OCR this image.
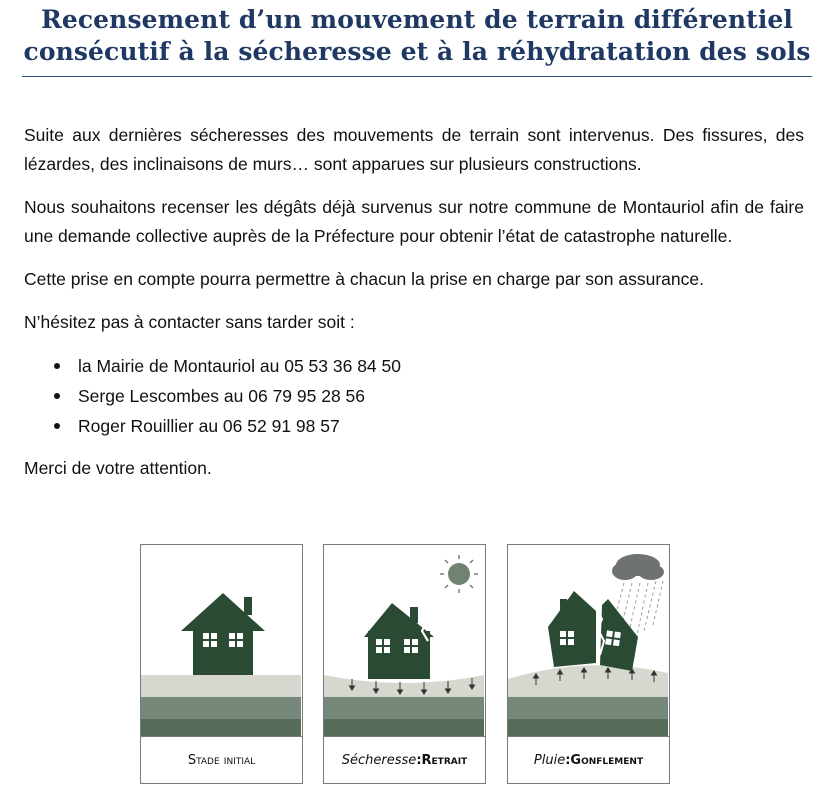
Recensement d’un mouvement de terrain différentiel
consécutif à la sécheresse et à la réhydratation des sols

Suite aux dernières sécheresses des mouvements de terrain sont intervenus. Des fissures, des lézardes, des inclinaisons de murs… sont apparues sur plusieurs constructions.

Nous souhaitons recenser les dégâts déjà survenus sur notre commune de Montauriol afin de faire une demande collective auprès de la Préfecture pour obtenir l’état de catastrophe naturelle.

Cette prise en compte pourra permettre à chacun la prise en charge par son assurance.

N’hésitez pas à contacter sans tarder soit :

la Mairie de Montauriol au 05 53 36 84 50
Serge Lescombes au 06 79 95 28 56
Roger Rouillier au 06 52 91 98 57

Merci de votre attention.

Stade initial	Sécheresse : Retrait	Pluie : Gonflement
